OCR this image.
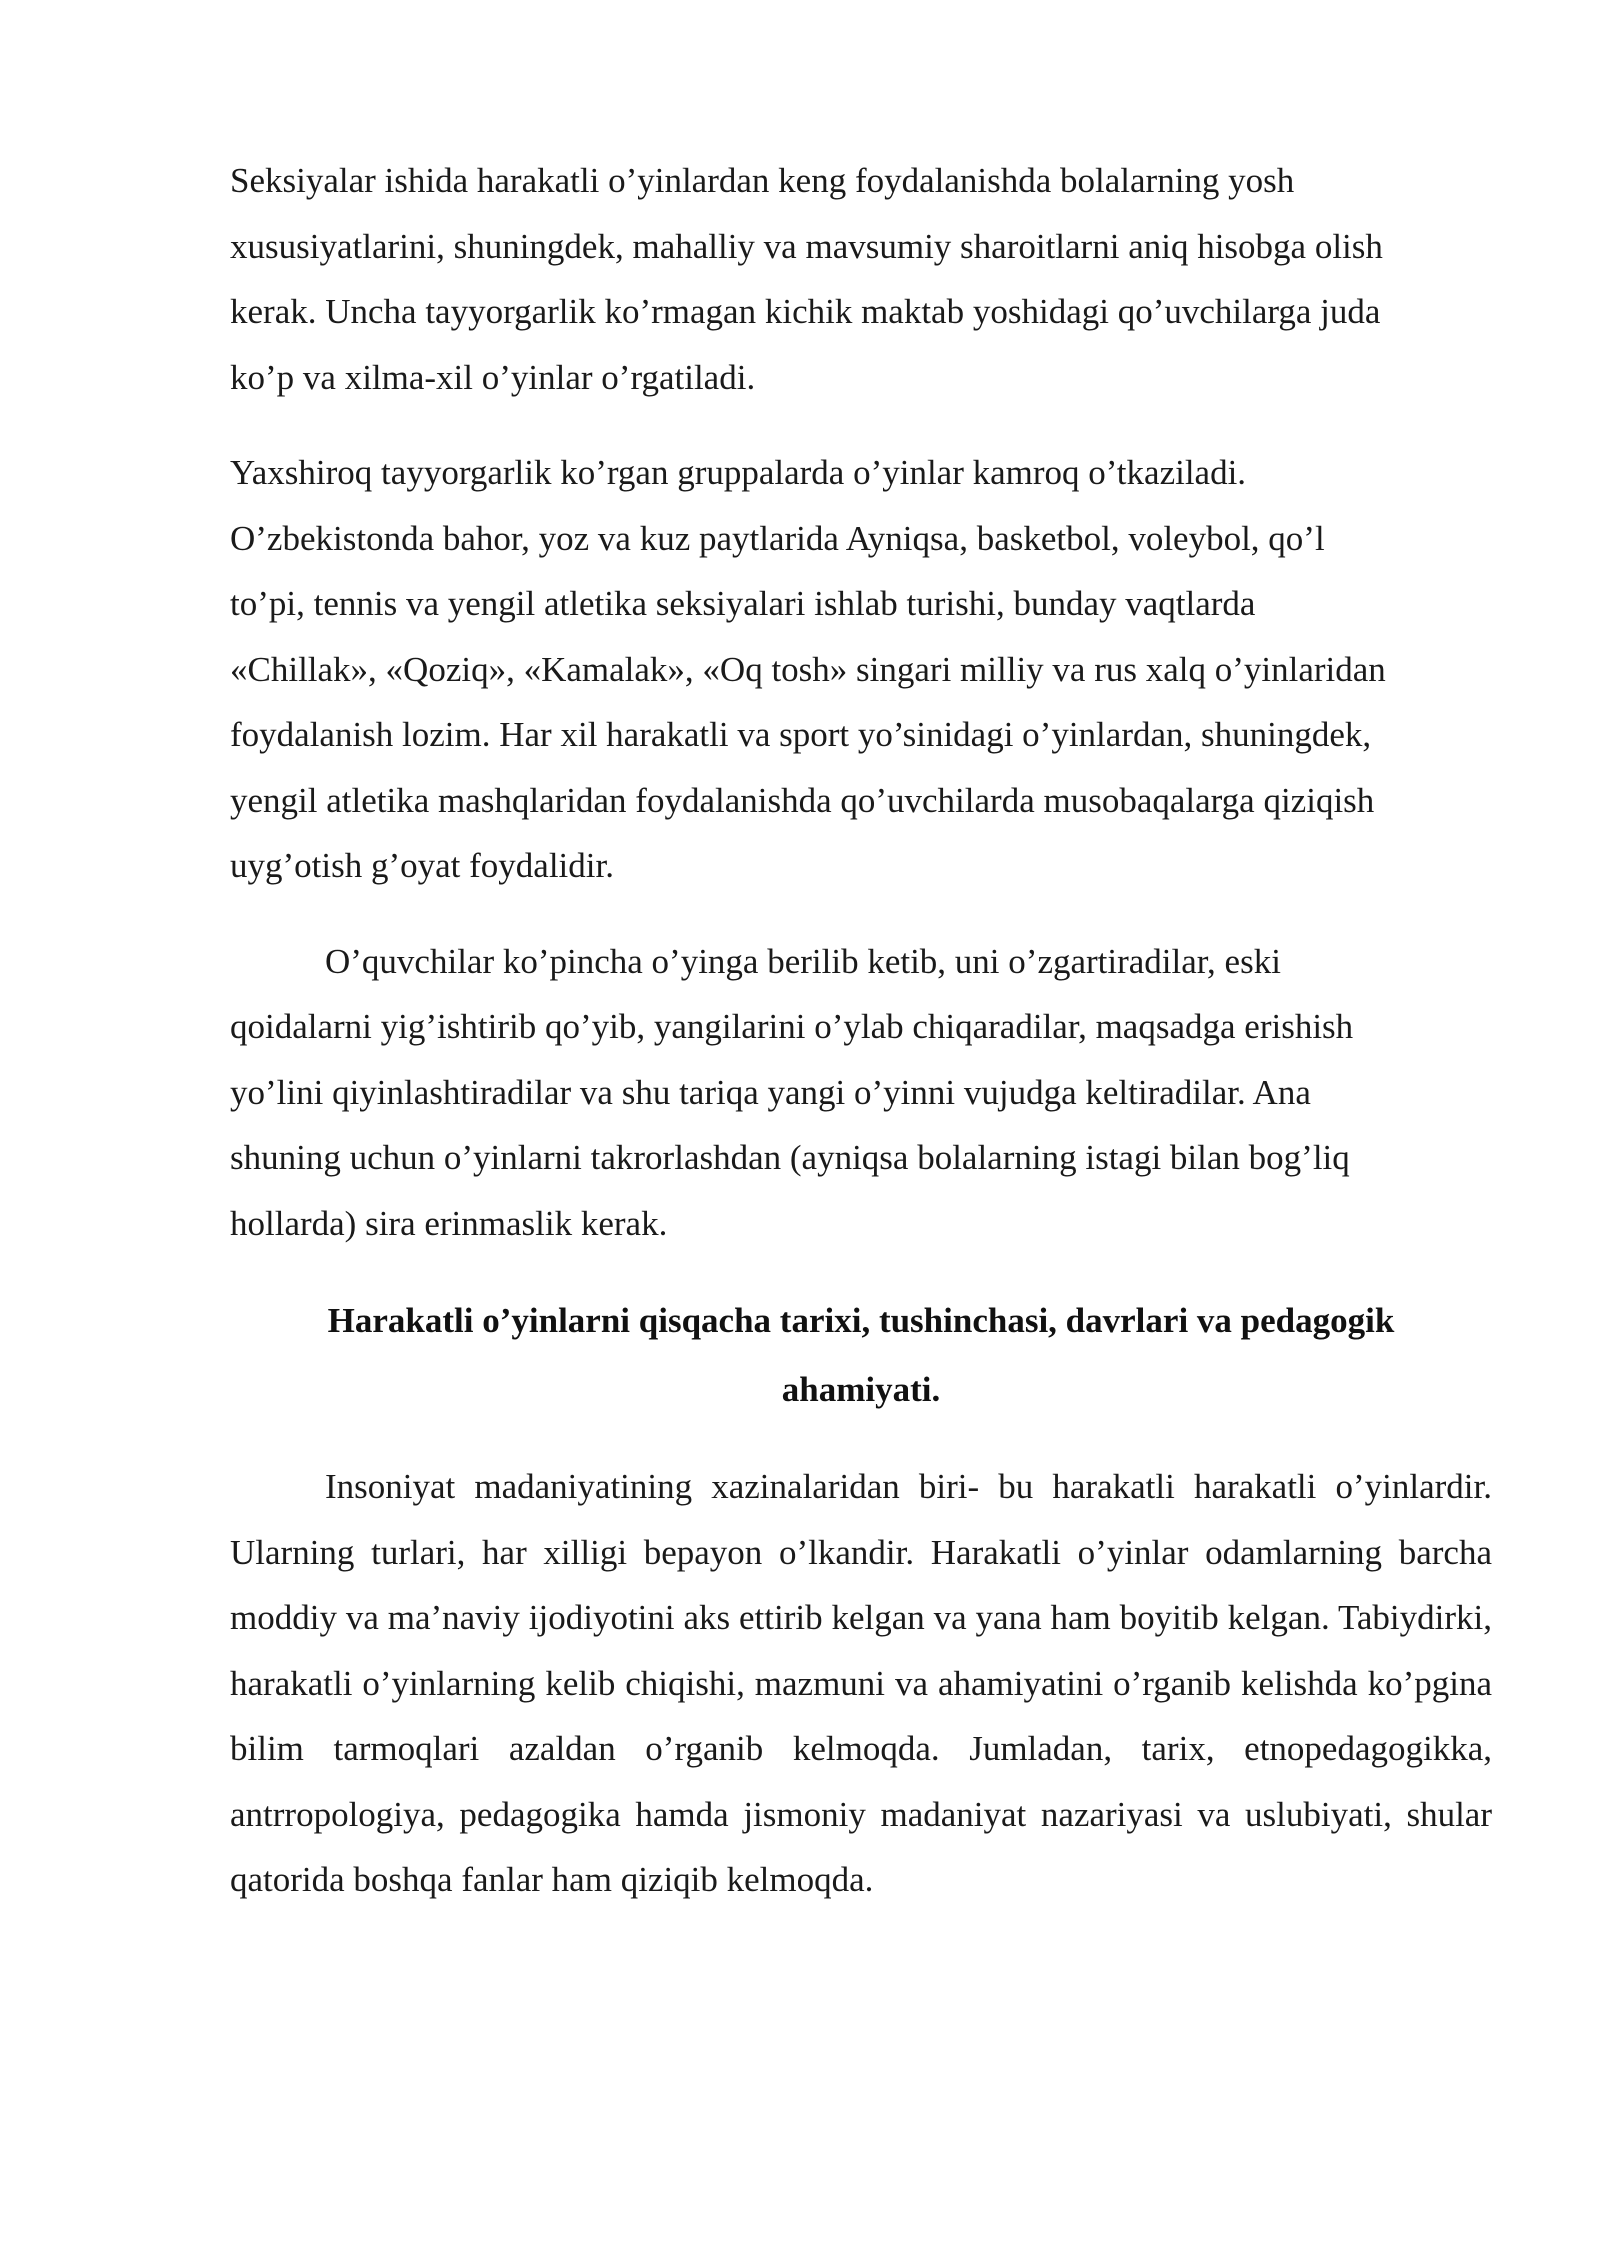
Seksiyalar ishida harakatli o’yinlardan keng foydalanishda bolalarning yosh
xususiyatlarini, shuningdek, mahalliy va mavsumiy sharoitlarni aniq hisobga olish
kerak. Uncha tayyorgarlik ko’rmagan kichik maktab yoshidagi qo’uvchilarga juda
ko’p va xilma-xil o’yinlar o’rgatiladi.

Yaxshiroq tayyorgarlik ko’rgan gruppalarda o’yinlar kamroq o’tkaziladi.
O’zbekistonda bahor, yoz va kuz paytlarida Ayniqsa, basketbol, voleybol, qo’l
to’pi, tennis va yengil atletika seksiyalari ishlab turishi, bunday vaqtlarda
«Chillak», «Qoziq», «Kamalak», «Oq tosh» singari milliy va rus xalq o’yinlaridan
foydalanish lozim. Har xil harakatli va sport yo’sinidagi o’yinlardan, shuningdek,
yengil atletika mashqlaridan foydalanishda qo’uvchilarda musobaqalarga qiziqish
uyg’otish g’oyat foydalidir.

O’quvchilar ko’pincha o’yinga berilib ketib, uni o’zgartiradilar, eski
qoidalarni yig’ishtirib qo’yib, yangilarini o’ylab chiqaradilar, maqsadga erishish
yo’lini qiyinlashtiradilar va shu tariqa yangi o’yinni vujudga keltiradilar. Ana
shuning uchun o’yinlarni takrorlashdan (ayniqsa bolalarning istagi bilan bog’liq
hollarda) sira erinmaslik kerak.

Harakatli o’yinlarni qisqacha tarixi, tushinchasi, davrlari va pedagogik
ahamiyati.

Insoniyat madaniyatining xazinalaridan biri- bu harakatli harakatli o’yinlardir. Ularning turlari, har xilligi bepayon o’lkandir. Harakatli o’yinlar odamlarning barcha moddiy va ma’naviy ijodiyotini aks ettirib kelgan va yana ham boyitib kelgan. Tabiydirki, harakatli o’yinlarning kelib chiqishi, mazmuni va ahamiyatini o’rganib kelishda ko’pgina bilim tarmoqlari azaldan o’rganib kelmoqda. Jumladan, tarix, etnopedagogikka, antrropologiya, pedagogika hamda jismoniy madaniyat nazariyasi va uslubiyati, shular qatorida boshqa fanlar ham qiziqib kelmoqda.
